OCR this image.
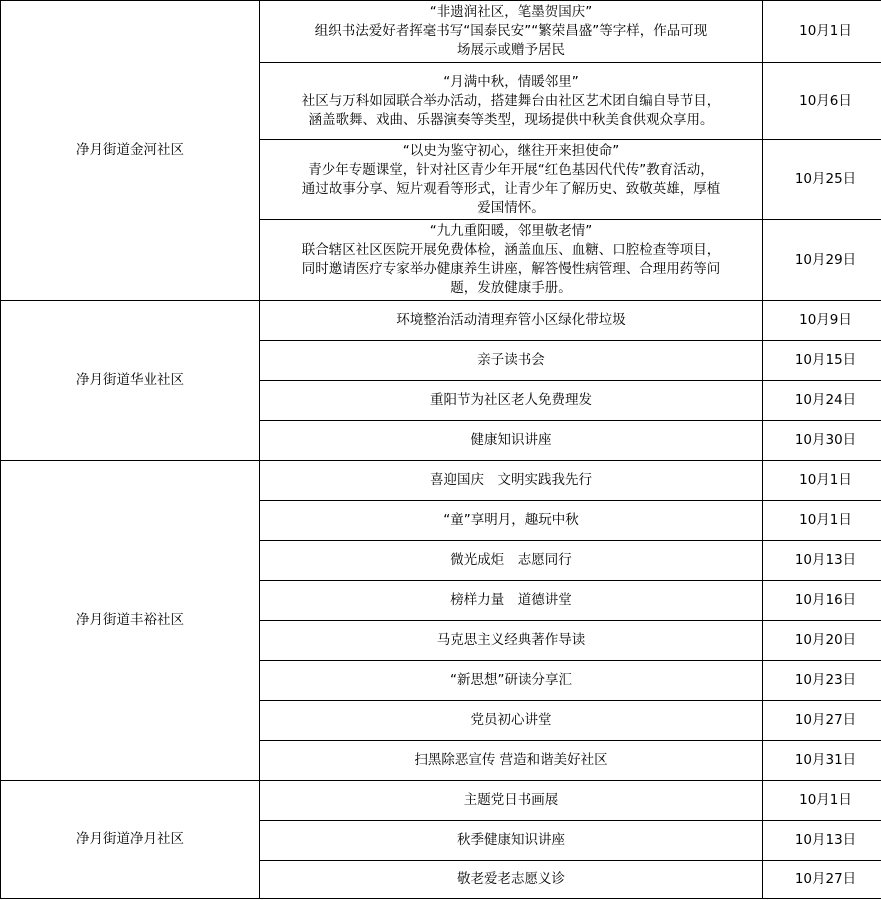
净月街道金河社区	“非遗润社区，笔墨贺国庆”
组织书法爱好者挥毫书写“国泰民安”“繁荣昌盛”等字样，作品可现
场展示或赠予居民	10月1日

	“月满中秋，情暖邻里”
社区与万科如园联合举办活动，搭建舞台由社区艺术团自编自导节目，
涵盖歌舞、戏曲、乐器演奏等类型，现场提供中秋美食供观众享用。	10月6日

	“以史为鉴守初心，继往开来担使命”
青少年专题课堂，针对社区青少年开展“红色基因代代传”教育活动，
通过故事分享、短片观看等形式，让青少年了解历史、致敬英雄，厚植
爱国情怀。	10月25日

	“九九重阳暖，邻里敬老情”
联合辖区社区医院开展免费体检，涵盖血压、血糖、口腔检查等项目，
同时邀请医疗专家举办健康养生讲座，解答慢性病管理、合理用药等问
题，发放健康手册。	10月29日
净月街道华业社区	环境整治活动清理弃管小区绿化带垃圾	10月9日
	亲子读书会	10月15日
	重阳节为社区老人免费理发	10月24日
	健康知识讲座	10月30日
净月街道丰裕社区	喜迎国庆　文明实践我先行	10月1日
	“童”享明月，趣玩中秋	10月1日
	微光成炬　志愿同行	10月13日
	榜样力量　道德讲堂	10月16日
	马克思主义经典著作导读	10月20日
	“新思想”研读分享汇	10月23日
	党员初心讲堂	10月27日
	扫黑除恶宣传 营造和谐美好社区	10月31日
净月街道净月社区	主题党日书画展	10月1日
	秋季健康知识讲座	10月13日
	敬老爱老志愿义诊	10月27日
